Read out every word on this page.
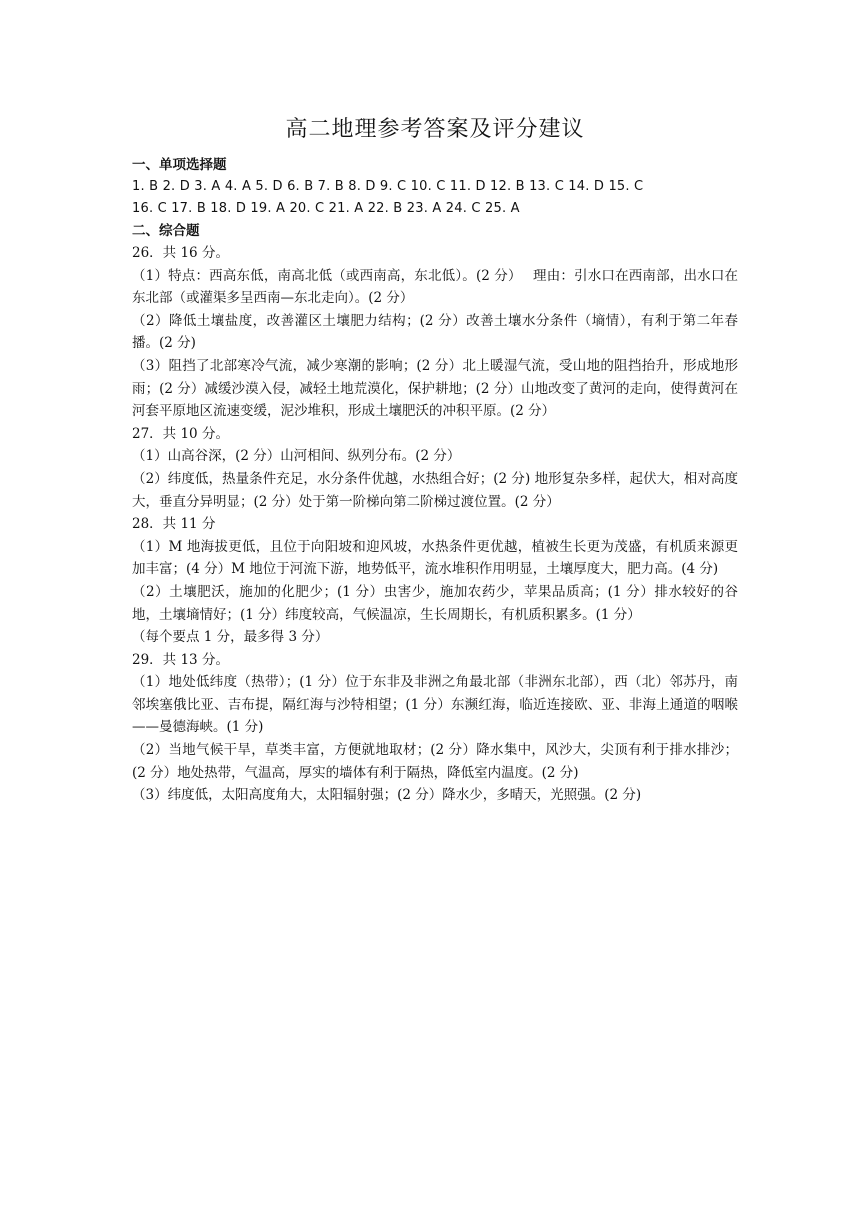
高二地理参考答案及评分建议

一、单项选择题

1. B 2. D 3. A 4. A 5. D 6. B 7. B 8. D 9. C 10. C 11. D 12. B 13. C 14. D 15. C

16. C 17. B 18. D 19. A 20. C 21. A 22. B 23. A 24. C 25. A

二、综合题

26．共 16 分。

（1）特点：西高东低，南高北低（或西南高，东北低）。(2 分）　 理由：引水口在西南部，出水口在东北部（或灌渠多呈西南—东北走向）。(2 分）

（2）降低土壤盐度，改善灌区土壤肥力结构；(2 分）改善土壤水分条件（墒情），有利于第二年春播。(2 分)

（3）阻挡了北部寒冷气流，减少寒潮的影响；(2 分）北上暖湿气流，受山地的阻挡抬升，形成地形雨；(2 分）减缓沙漠入侵，减轻土地荒漠化，保护耕地；(2 分）山地改变了黄河的走向，使得黄河在河套平原地区流速变缓，泥沙堆积，形成土壤肥沃的冲积平原。(2 分）

27．共 10 分。

（1）山高谷深，(2 分）山河相间、纵列分布。(2 分）

（2）纬度低，热量条件充足，水分条件优越，水热组合好；(2 分) 地形复杂多样，起伏大，相对高度大，垂直分异明显；(2 分）处于第一阶梯向第二阶梯过渡位置。(2 分）

28．共 11 分

（1）M 地海拔更低，且位于向阳坡和迎风坡，水热条件更优越，植被生长更为茂盛，有机质来源更加丰富；(4 分）M 地位于河流下游，地势低平，流水堆积作用明显，土壤厚度大，肥力高。(4 分)

（2）土壤肥沃，施加的化肥少；(1 分）虫害少，施加农药少，苹果品质高；(1 分）排水较好的谷地，土壤墒情好；(1 分）纬度较高，气候温凉，生长周期长，有机质积累多。(1 分）

（每个要点 1 分，最多得 3 分）

29．共 13 分。

（1）地处低纬度（热带）；(1 分）位于东非及非洲之角最北部（非洲东北部），西（北）邻苏丹，南邻埃塞俄比亚、吉布提，隔红海与沙特相望；(1 分）东濒红海，临近连接欧、亚、非海上通道的咽喉——曼德海峡。(1 分)

（2）当地气候干旱，草类丰富，方便就地取材；(2 分）降水集中，风沙大，尖顶有利于排水排沙；(2 分）地处热带，气温高，厚实的墙体有利于隔热，降低室内温度。(2 分)

（3）纬度低，太阳高度角大，太阳辐射强；(2 分）降水少，多晴天，光照强。(2 分)
